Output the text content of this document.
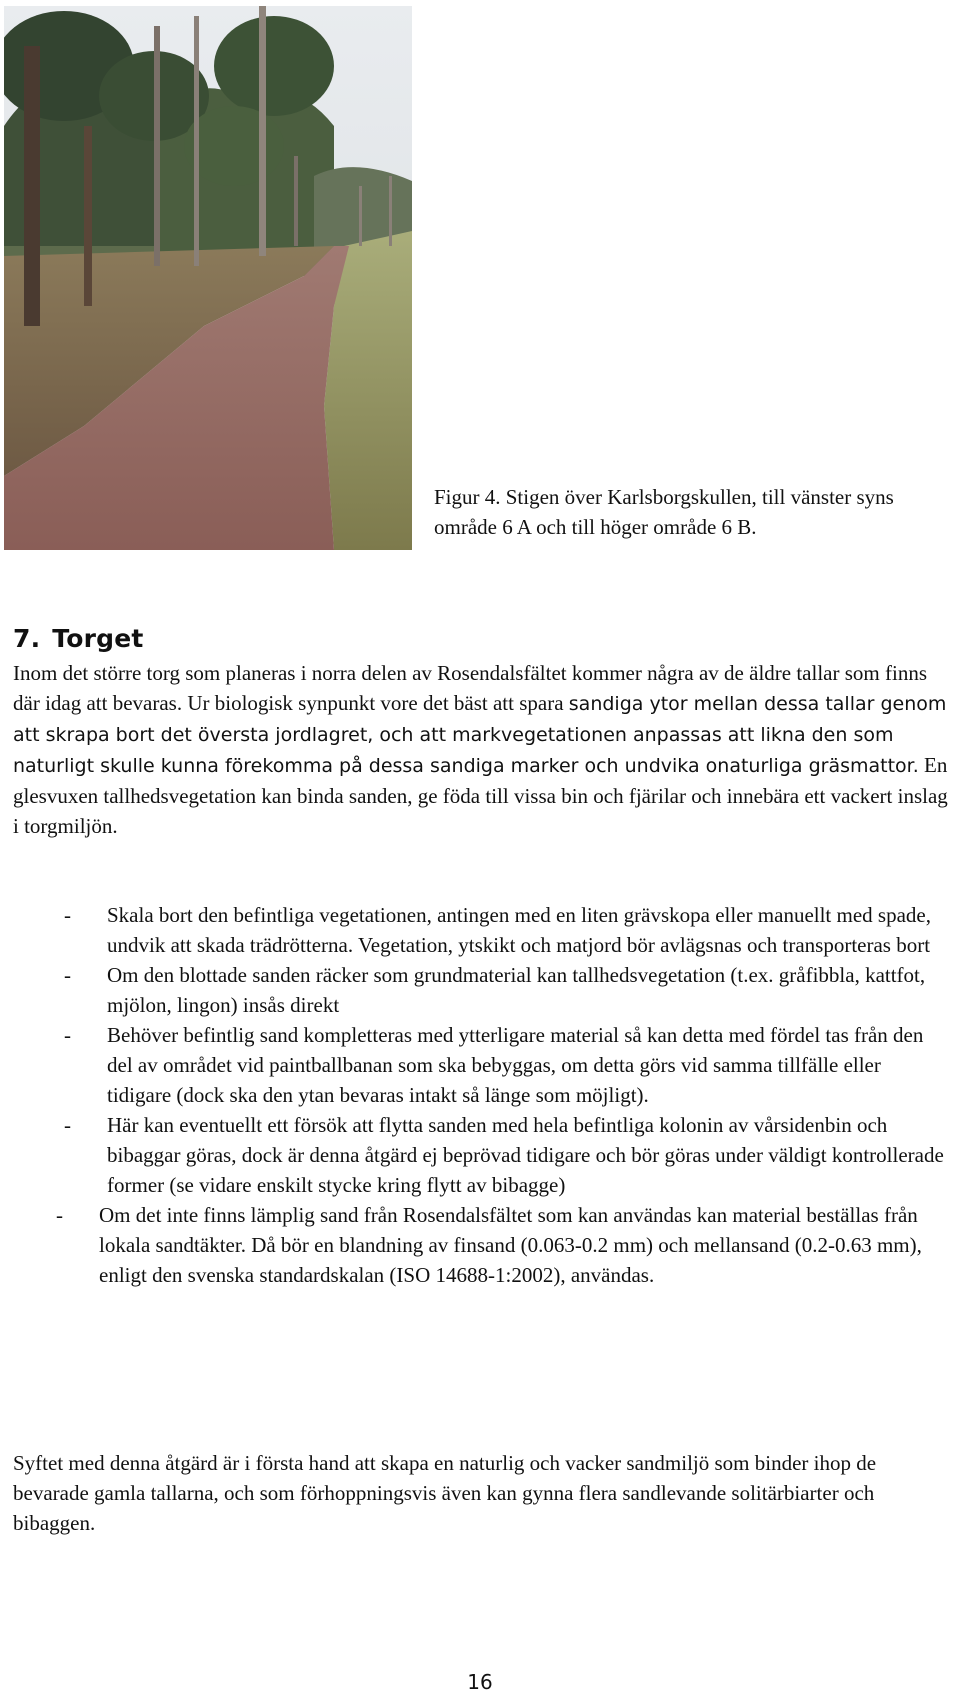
Figur 4. Stigen över Karlsborgskullen, till vänster syns
område 6 A och till höger område 6 B.
7. Torget
Inom det större torg som planeras i norra delen av Rosendalsfältet kommer några av de äldre tallar som finns där idag att bevaras. Ur biologisk synpunkt vore det bäst att spara sandiga ytor mellan dessa tallar genom att skrapa bort det översta jordlagret, och att markvegetationen anpassas att likna den som naturligt skulle kunna förekomma på dessa sandiga marker och undvika onaturliga gräsmattor. En glesvuxen tallhedsvegetation kan binda sanden, ge föda till vissa bin och fjärilar och innebära ett vackert inslag i torgmiljön.

- Skala bort den befintliga vegetationen, antingen med en liten grävskopa eller manuellt med spade, undvik att skada trädrötterna. Vegetation, ytskikt och matjord bör avlägsnas och transporteras bort

- Om den blottade sanden räcker som grundmaterial kan tallhedsvegetation (t.ex. gråfibbla, kattfot, mjölon, lingon) insås direkt

- Behöver befintlig sand kompletteras med ytterligare material så kan detta med fördel tas från den del av området vid paintballbanan som ska bebyggas, om detta görs vid samma tillfälle eller tidigare (dock ska den ytan bevaras intakt så länge som möjligt).

- Här kan eventuellt ett försök att flytta sanden med hela befintliga kolonin av vårsidenbin och bibaggar göras, dock är denna åtgärd ej beprövad tidigare och bör göras under väldigt kontrollerade former (se vidare enskilt stycke kring flytt av bibagge)

- Om det inte finns lämplig sand från Rosendalsfältet som kan användas kan material beställas från lokala sandtäkter. Då bör en blandning av finsand (0.063-0.2 mm) och mellansand (0.2-0.63 mm), enligt den svenska standardskalan (ISO 14688-1:2002), användas.

Syftet med denna åtgärd är i första hand att skapa en naturlig och vacker sandmiljö som binder ihop de bevarade gamla tallarna, och som förhoppningsvis även kan gynna flera sandlevande solitärbiarter och bibaggen.
16
